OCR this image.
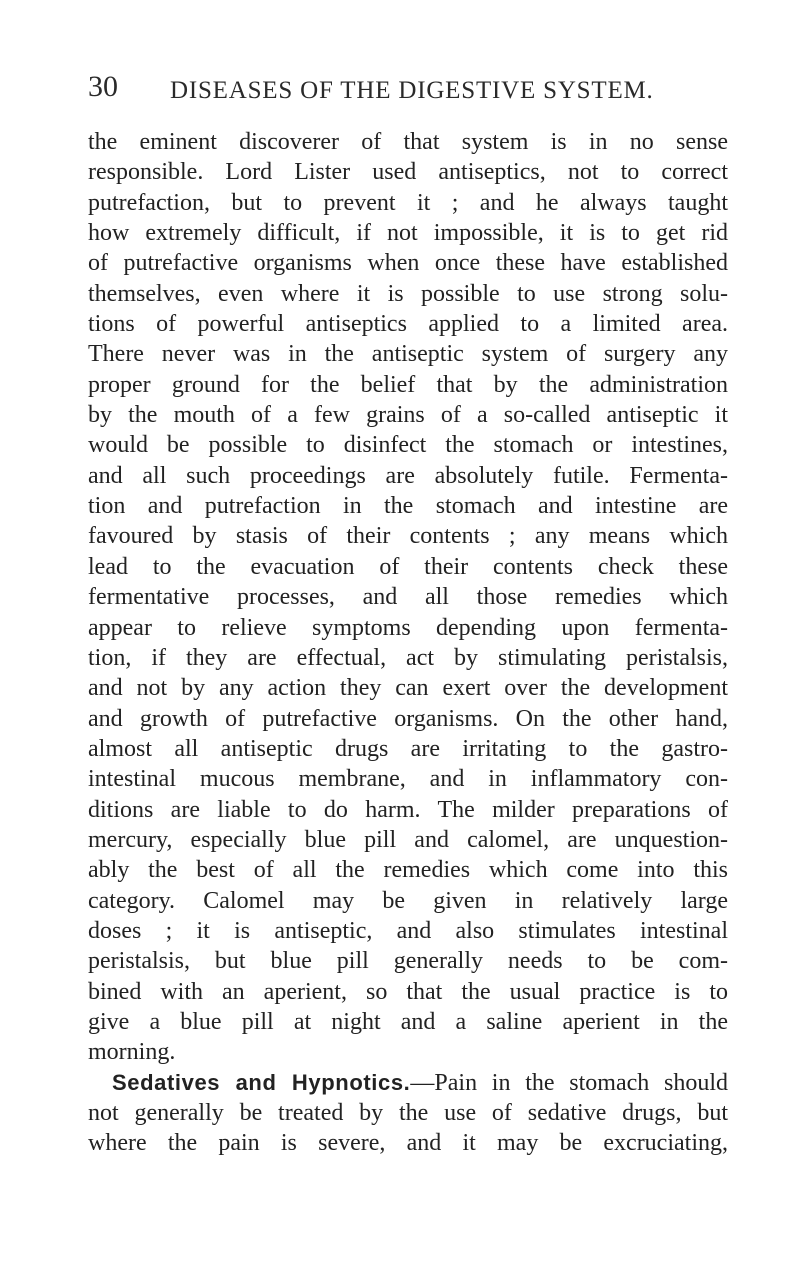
30 DISEASES OF THE DIGESTIVE SYSTEM.
the eminent discoverer of that system is in no sense
responsible. Lord Lister used antiseptics, not to correct
putrefaction, but to prevent it ; and he always taught
how extremely difficult, if not impossible, it is to get rid
of putrefactive organisms when once these have established
themselves, even where it is possible to use strong solu-
tions of powerful antiseptics applied to a limited area.
There never was in the antiseptic system of surgery any
proper ground for the belief that by the administration
by the mouth of a few grains of a so-called antiseptic it
would be possible to disinfect the stomach or intestines,
and all such proceedings are absolutely futile. Fermenta-
tion and putrefaction in the stomach and intestine are
favoured by stasis of their contents ; any means which
lead to the evacuation of their contents check these
fermentative processes, and all those remedies which
appear to relieve symptoms depending upon fermenta-
tion, if they are effectual, act by stimulating peristalsis,
and not by any action they can exert over the development
and growth of putrefactive organisms. On the other hand,
almost all antiseptic drugs are irritating to the gastro-
intestinal mucous membrane, and in inflammatory con-
ditions are liable to do harm. The milder preparations of
mercury, especially blue pill and calomel, are unquestion-
ably the best of all the remedies which come into this
category. Calomel may be given in relatively large
doses ; it is antiseptic, and also stimulates intestinal
peristalsis, but blue pill generally needs to be com-
bined with an aperient, so that the usual practice is to
give a blue pill at night and a saline aperient in the
morning.
Sedatives and Hypnotics.—Pain in the stomach should
not generally be treated by the use of sedative drugs, but
where the pain is severe, and it may be excruciating,
